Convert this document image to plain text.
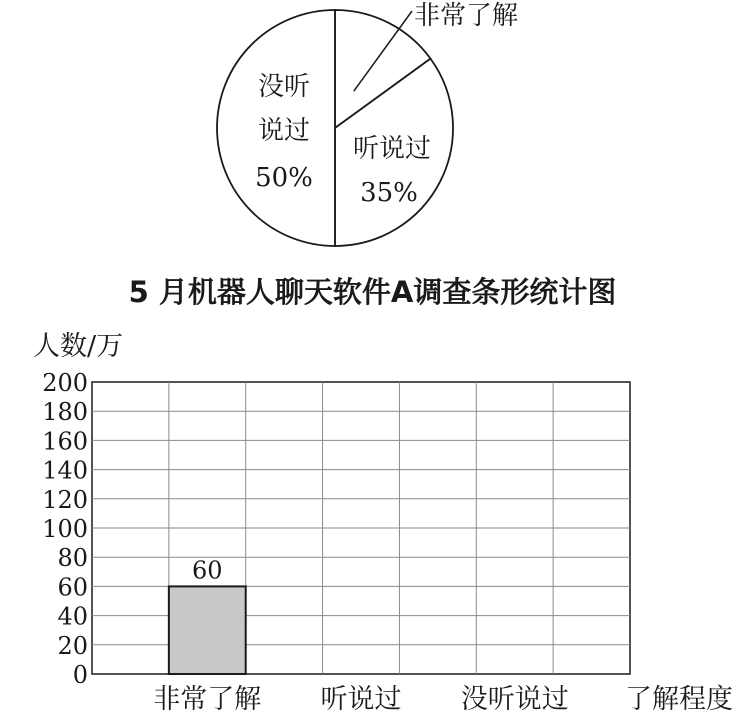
非常了解
听说过
35%
没听
说过
50%
5 月机器人聊天软件A调查条形统计图
0
20
40
60
80
100
120
140
160
180
200
60
非常了解 听说过 没听说过 了解程度
人数/万
